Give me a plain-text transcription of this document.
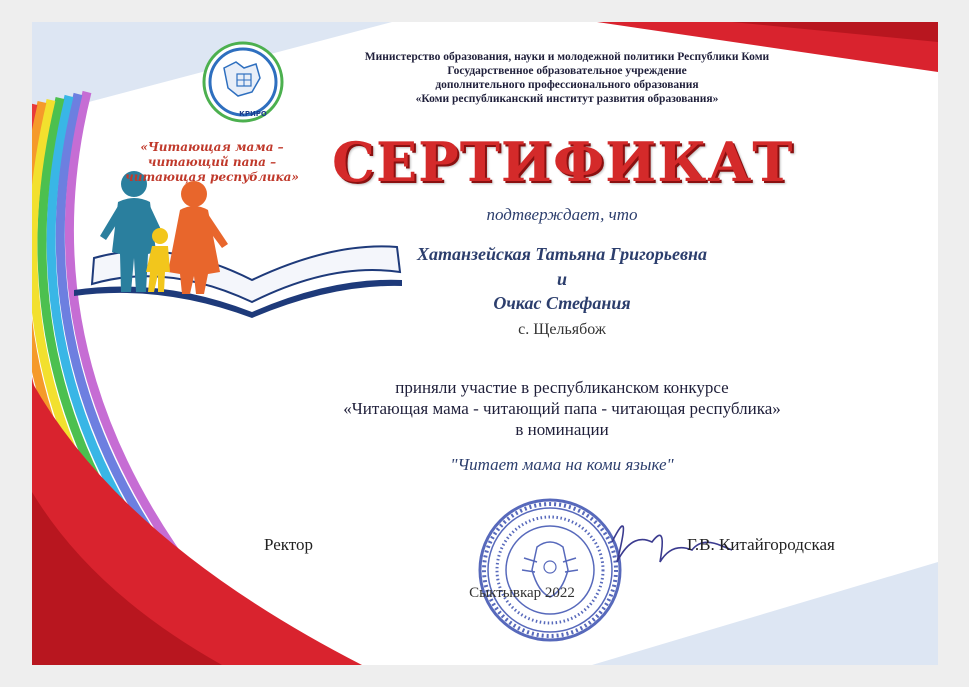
КРИРО
«Читающая мама –
читающий папа –
читающая республика»
Министерство образования, науки и молодежной политики Республики Коми
Государственное образовательное учреждение
дополнительного профессионального образования
«Коми республиканский институт развития образования»
СЕРТИФИКАТ
подтверждает, что
Хатанзейская Татьяна Григорьевна
и
Очкас Стефания
с. Щельябож
приняли участие в республиканском конкурсе
«Читающая мама - читающий папа - читающая республика»
в номинации
"Читает мама на коми языке"
Ректор	Г.В. Китайгородская
Сыктывкар 2022
